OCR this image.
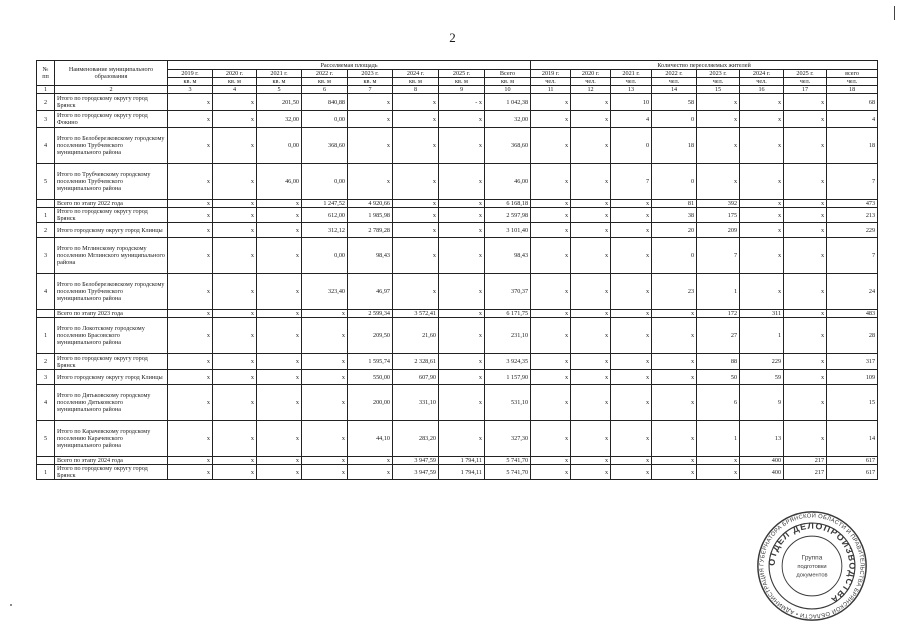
2
№ пп	Наименование муниципального образования	Расселяемая площадь								Количество переселяемых жителей							
		2019 г.	2020 г.	2021 г.	2022 г.	2023 г.	2024 г.	2025 г.	Всего	2019 г.	2020 г.	2021 г.	2022 г.	2023 г.	2024 г.	2025 г.	всего
		кв. м	кв. м	кв. м	кв. м	кв. м	кв. м	кв. м	кв. м	чел.	чел.	чел.	чел.	чел.	чел.	чел.	чел.
1	2	3	4	5	6	7	8	9	10	11	12	13	14	15	16	17	18
2	Итого по городскому округу город Брянск	x	x	201,50	840,88	x	x	- x	1 042,38	x	x	10	58	x	x	x	68
3	Итого по городскому округу город Фокино	x	x	32,00	0,00	x	x	x	32,00	x	x	4	0	x	x	x	4
4	Итого по Белоберезковскому городскому поселению Трубчевского муниципального района	x	x	0,00	368,60	x	x	x	368,60	x	x	0	18	x	x	x	18
5	Итого по Трубчевскому городскому поселению Трубчевского муниципального района	x	x	46,00	0,00	x	x	x	46,00	x	x	7	0	x	x	x	7
	Всего по этапу 2022 года	x	x	x	1 247,52	4 920,66	x	x	6 168,18	x	x	x	81	392	x	x	473
1	Итого по городскому округу город Брянск	x	x	x	612,00	1 985,98	x	x	2 597,98	x	x	x	38	175	x	x	213
2	Итого городскому округу город Клинцы	x	x	x	312,12	2 789,28	x	x	3 101,40	x	x	x	20	209	x	x	229
3	Итого по Мглинскому городскому поселению Мглинского муниципального района	x	x	x	0,00	98,43	x	x	98,43	x	x	x	0	7	x	x	7
4	Итого по Белоберезковскому городскому поселению Трубчевского муниципального района	x	x	x	323,40	46,97	x	x	370,37	x	x	x	23	1	x	x	24
	Всего по этапу 2023 года	x	x	x	x	2 599,34	3 572,41	x	6 171,75	x	x	x	x	172	311	x	483
1	Итого по Локотскому городскому поселению Брасовского муниципального района	x	x	x	x	209,50	21,60	x	231,10	x	x	x	x	27	1	x	28
2	Итого по городскому округу город Брянск	x	x	x	x	1 595,74	2 328,61	x	3 924,35	x	x	x	x	88	229	x	317
3	Итого городскому округу город Клинцы	x	x	x	x	550,00	607,90	x	1 157,90	x	x	x	x	50	59	x	109
4	Итого по Дятьковскому городскому поселению Дятьковского муниципального района	x	x	x	x	200,00	331,10	x	531,10	x	x	x	x	6	9	x	15
5	Итого по Карачевскому городскому поселению Карачевского муниципального района	x	x	x	x	44,10	283,20	x	327,30	x	x	x	x	1	13	x	14
	Всего по этапу 2024 года	x	x	x	x	x	3 947,59	1 794,11	5 741,70	x	x	x	x	x	400	217	617
1	Итого по городскому округу город Брянск	x	x	x	x	x	3 947,59	1 794,11	5 741,70	x	x	x	x	x	400	217	617
ГУБЕРНАТОРА БРЯНСКОЙ ОБЛАСТИ И ПРАВИТЕЛЬСТВА БРЯНСКОЙ ОБЛАСТИ • АДМИНИСТРАЦИЯ
ОТДЕЛ ДЕЛОПРОИЗВОДСТВА
Группа
подготовки
документов
